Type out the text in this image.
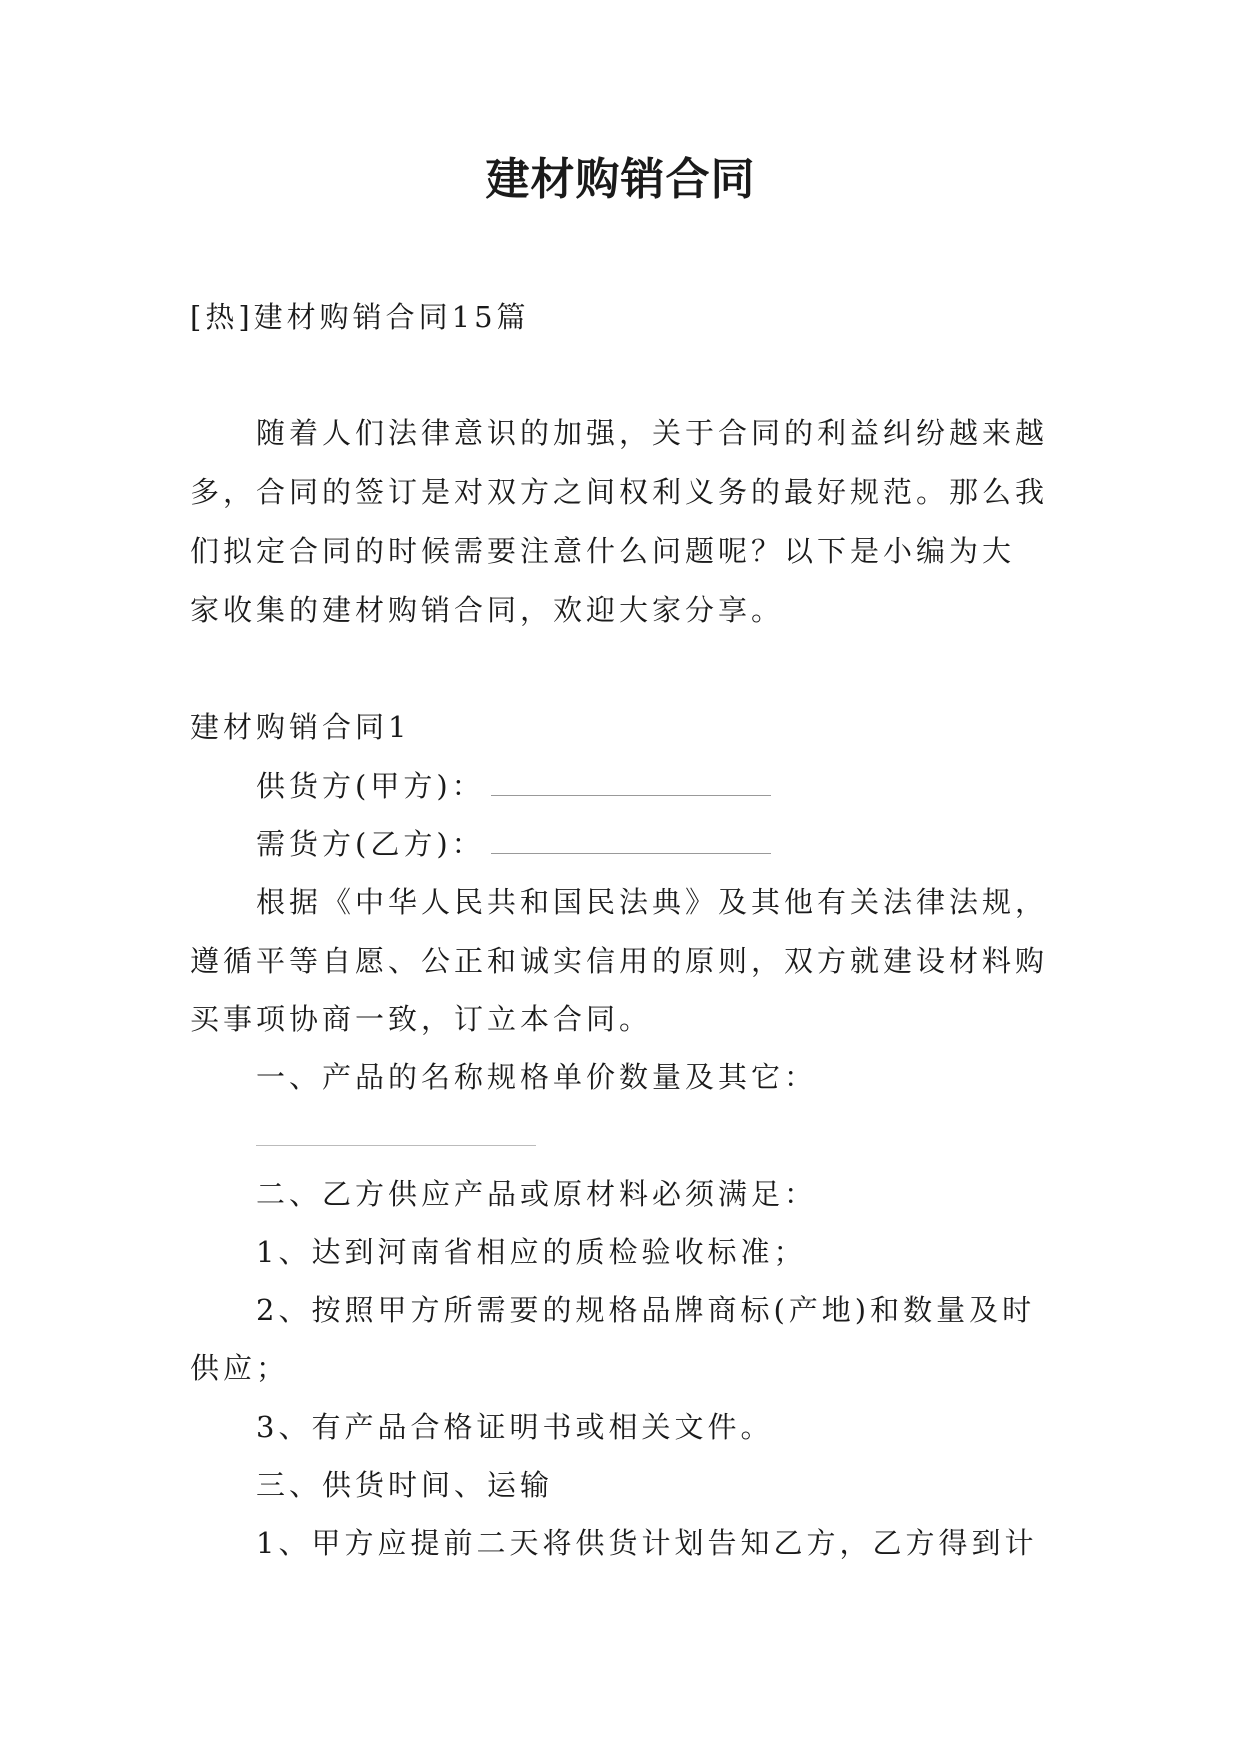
建材购销合同
[热]建材购销合同15篇
随着人们法律意识的加强，关于合同的利益纠纷越来越
多，合同的签订是对双方之间权利义务的最好规范。那么我
们拟定合同的时候需要注意什么问题呢？以下是小编为大
家收集的建材购销合同，欢迎大家分享。
建材购销合同1
供货方(甲方)：
需货方(乙方)：
根据《中华人民共和国民法典》及其他有关法律法规，
遵循平等自愿、公正和诚实信用的原则，双方就建设材料购
买事项协商一致，订立本合同。
一、产品的名称规格单价数量及其它：
二、乙方供应产品或原材料必须满足：
1、达到河南省相应的质检验收标准；
2、按照甲方所需要的规格品牌商标(产地)和数量及时
供应；
3、有产品合格证明书或相关文件。
三、供货时间、运输
1、甲方应提前二天将供货计划告知乙方，乙方得到计
